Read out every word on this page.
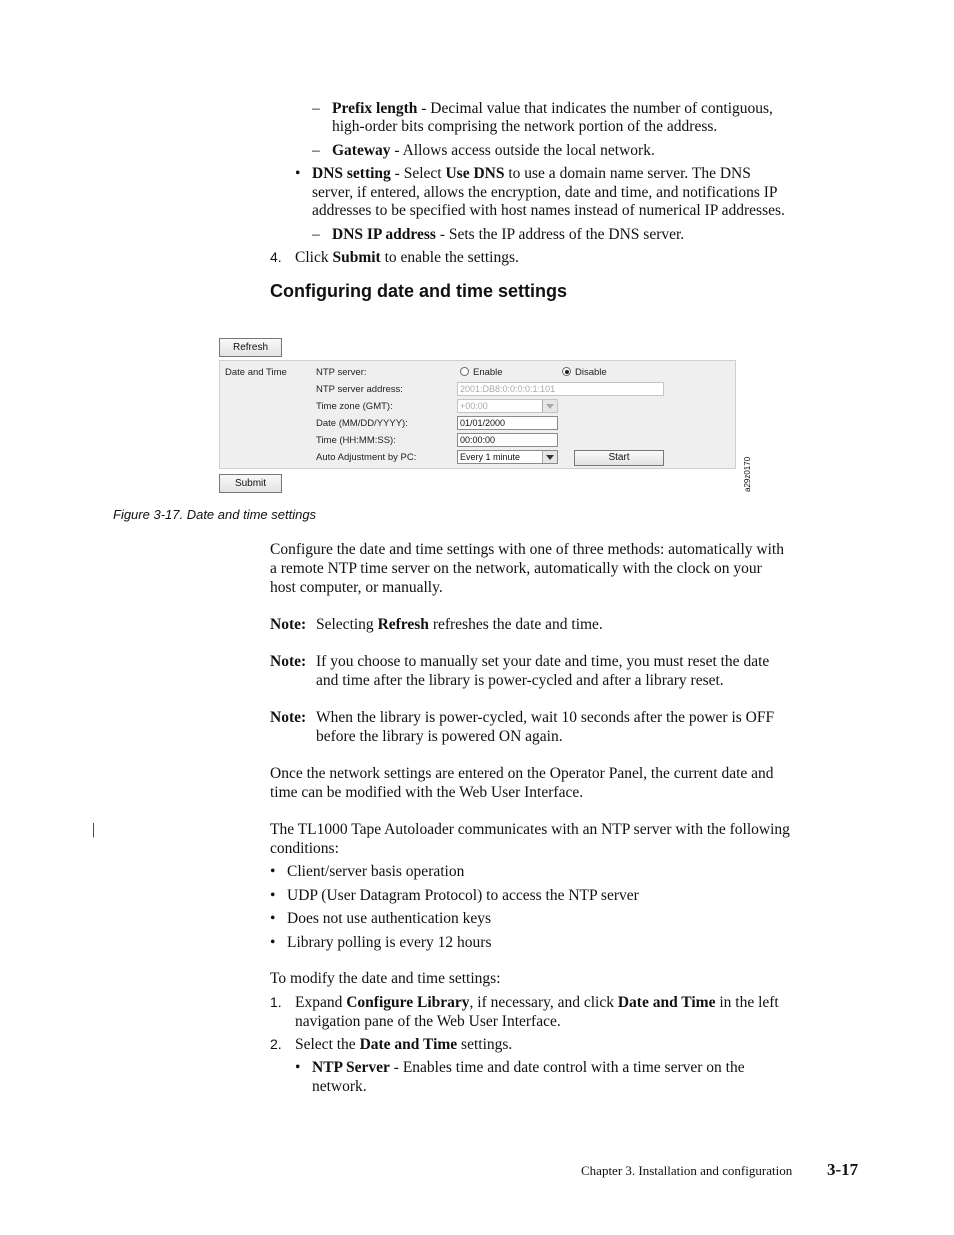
– Prefix length - Decimal value that indicates the number of contiguous,
high-order bits comprising the network portion of the address.
– Gateway - Allows access outside the local network.
• DNS setting - Select Use DNS to use a domain name server. The DNS
server, if entered, allows the encryption, date and time, and notifications IP
addresses to be specified with host names instead of numerical IP addresses.
– DNS IP address - Sets the IP address of the DNS server.
4. Click Submit to enable the settings.
Configuring date and time settings
Refresh
Date and Time	NTP server:	Enable	Disable
NTP server address:	2001:DB8:0:0:0:0:1:101
Time zone (GMT):	+00:00
Date (MM/DD/YYYY):	01/01/2000
Time (HH:MM:SS):	00:00:00
Auto Adjustment by PC:	Every 1 minute	Start
Submit	a29z0170
Figure 3-17. Date and time settings
Configure the date and time settings with one of three methods: automatically with
a remote NTP time server on the network, automatically with the clock on your
host computer, or manually.
Note: Selecting Refresh refreshes the date and time.
Note: If you choose to manually set your date and time, you must reset the date
and time after the library is power-cycled and after a library reset.
Note: When the library is power-cycled, wait 10 seconds after the power is OFF
before the library is powered ON again.
Once the network settings are entered on the Operator Panel, the current date and
time can be modified with the Web User Interface.
|	The TL1000 Tape Autoloader communicates with an NTP server with the following
conditions:
• Client/server basis operation
• UDP (User Datagram Protocol) to access the NTP server
• Does not use authentication keys
• Library polling is every 12 hours
To modify the date and time settings:
1. Expand Configure Library, if necessary, and click Date and Time in the left
navigation pane of the Web User Interface.
2. Select the Date and Time settings.
• NTP Server - Enables time and date control with a time server on the
network.
Chapter 3. Installation and configuration 3-17
